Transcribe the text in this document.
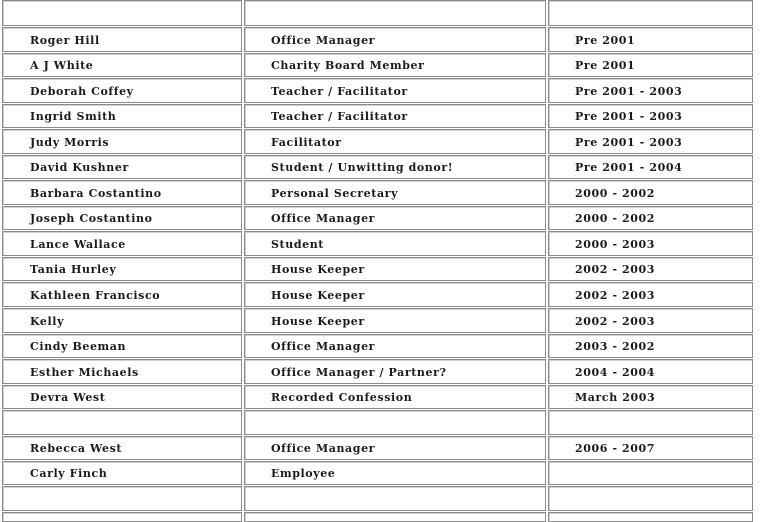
Roger Hill	Office Manager	Pre 2001
A J White	Charity Board Member	Pre 2001
Deborah Coffey	Teacher / Facilitator	Pre 2001 - 2003
Ingrid Smith	Teacher / Facilitator	Pre 2001 - 2003
Judy Morris	Facilitator	Pre 2001 - 2003
David Kushner	Student / Unwitting donor!	Pre 2001 - 2004
Barbara Costantino	Personal Secretary	2000 - 2002
Joseph Costantino	Office Manager	2000 - 2002
Lance Wallace	Student	2000 - 2003
Tania Hurley	House Keeper	2002 - 2003
Kathleen Francisco	House Keeper	2002 - 2003
Kelly	House Keeper	2002 - 2003
Cindy Beeman	Office Manager	2003 - 2002
Esther Michaels	Office Manager / Partner?	2004 - 2004
Devra West	Recorded Confession	March 2003
Rebecca West	Office Manager	2006 - 2007
Carly Finch	Employee
